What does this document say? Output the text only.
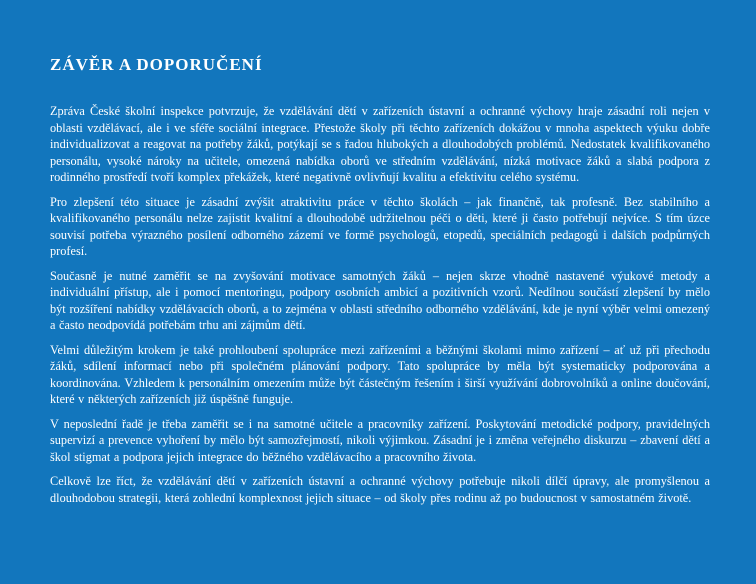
ZÁVĚR A DOPORUČENÍ

Zpráva České školní inspekce potvrzuje, že vzdělávání dětí v zařízeních ústavní a ochranné výchovy hraje zásadní roli nejen v oblasti vzdělávací, ale i ve sféře sociální integrace. Přestože školy při těchto zařízeních dokážou v mnoha aspektech výuku dobře individualizovat a reagovat na potřeby žáků, potýkají se s řadou hlubokých a dlouhodobých problémů. Nedostatek kvalifikovaného personálu, vysoké nároky na učitele, omezená nabídka oborů ve středním vzdělávání, nízká motivace žáků a slabá podpora z rodinného prostředí tvoří komplex překážek, které negativně ovlivňují kvalitu a efektivitu celého systému.

Pro zlepšení této situace je zásadní zvýšit atraktivitu práce v těchto školách – jak finančně, tak profesně. Bez stabilního a kvalifikovaného personálu nelze zajistit kvalitní a dlouhodobě udržitelnou péči o děti, které ji často potřebují nejvíce. S tím úzce souvisí potřeba výrazného posílení odborného zázemí ve formě psychologů, etopedů, speciálních pedagogů i dalších podpůrných profesí.

Současně je nutné zaměřit se na zvyšování motivace samotných žáků – nejen skrze vhodně nastavené výukové metody a individuální přístup, ale i pomocí mentoringu, podpory osobních ambicí a pozitivních vzorů. Nedílnou součástí zlepšení by mělo být rozšíření nabídky vzdělávacích oborů, a to zejména v oblasti středního odborného vzdělávání, kde je nyní výběr velmi omezený a často neodpovídá potřebám trhu ani zájmům dětí.

Velmi důležitým krokem je také prohloubení spolupráce mezi zařízeními a běžnými školami mimo zařízení – ať už při přechodu žáků, sdílení informací nebo při společném plánování podpory. Tato spolupráce by měla být systematicky podporována a koordinována. Vzhledem k personálním omezením může být částečným řešením i širší využívání dobrovolníků a online doučování, které v některých zařízeních již úspěšně funguje.

V neposlední řadě je třeba zaměřit se i na samotné učitele a pracovníky zařízení. Poskytování metodické podpory, pravidelných supervizí a prevence vyhoření by mělo být samozřejmostí, nikoli výjimkou. Zásadní je i změna veřejného diskurzu – zbavení dětí a škol stigmat a podpora jejich integrace do běžného vzdělávacího a pracovního života.

Celkově lze říct, že vzdělávání dětí v zařízeních ústavní a ochranné výchovy potřebuje nikoli dílčí úpravy, ale promyšlenou a dlouhodobou strategii, která zohlední komplexnost jejich situace – od školy přes rodinu až po budoucnost v samostatném životě.
